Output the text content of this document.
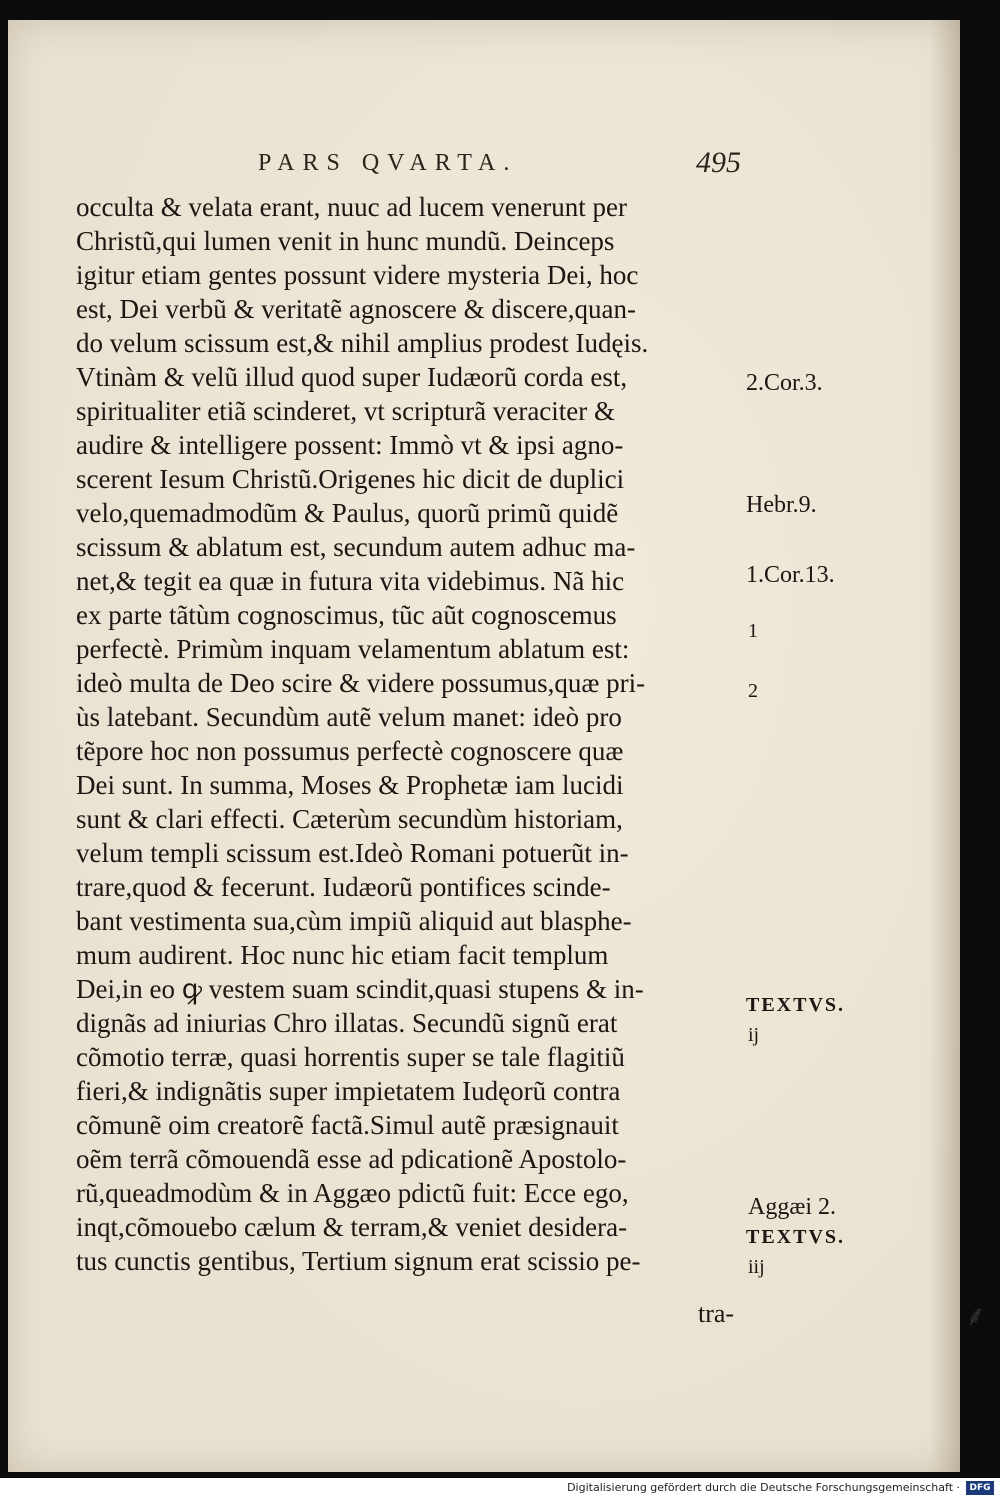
PARS QVARTA.	495
occulta & velata erant, nuuc ad lucem venerunt per
Christũ,qui lumen venit in hunc mundũ. Deinceps
igitur etiam gentes possunt videre mysteria Dei, hoc
est, Dei verbũ & veritatẽ agnoscere & discere,quan-
do velum scissum est,& nihil amplius prodest Iudęis.
Vtinàm & velũ illud quod super Iudæorũ corda est,
spiritualiter etiã scinderet, vt scripturã veraciter &
audire & intelligere possent: Immò vt & ipsi agno-
scerent Iesum Christũ.Origenes hic dicit de duplici
velo,quemadmodũm & Paulus, quorũ primũ quidẽ
scissum & ablatum est, secundum autem adhuc ma-
net,& tegit ea quæ in futura vita videbimus. Nã hic
ex parte tãtùm cognoscimus, tũc aũt cognoscemus
perfectè. Primùm inquam velamentum ablatum est:
ideò multa de Deo scire & videre possumus,quæ pri-
ùs latebant. Secundùm autẽ velum manet: ideò pro
tẽpore hoc non possumus perfectè cognoscere quæ
Dei sunt. In summa, Moses & Prophetæ iam lucidi
sunt & clari effecti. Cæterùm secundùm historiam,
velum templi scissum est.Ideò Romani potuerũt in-
trare,quod & fecerunt. Iudæorũ pontifices scinde-
bant vestimenta sua,cùm impiũ aliquid aut blasphe-
mum audirent. Hoc nunc hic etiam facit templum
Dei,in eo ꝙ vestem suam scindit,quasi stupens & in-
dignãs ad iniurias Chro illatas. Secundũ signũ erat
cõmotio terræ, quasi horrentis super se tale flagitiũ
fieri,& indignãtis super impietatem Iudęorũ contra
cõmunẽ oim creatorẽ factã.Simul autẽ præsignauit
oẽm terrã cõmouendã esse ad pdicationẽ Apostolo-
rũ,queadmodùm & in Aggæo pdictũ fuit: Ecce ego,
inqt,cõmouebo cælum & terram,& veniet desidera-
tus cunctis gentibus, Tertium signum erat scissio pe-
tra-
2.Cor.3.
Hebr.9.
1.Cor.13.
1
2
TEXTVS.
ij
Aggæi 2.
TEXTVS.
iij
⸙
Digitalisierung gefördert durch die Deutsche Forschungsgemeinschaft ·	DFG
